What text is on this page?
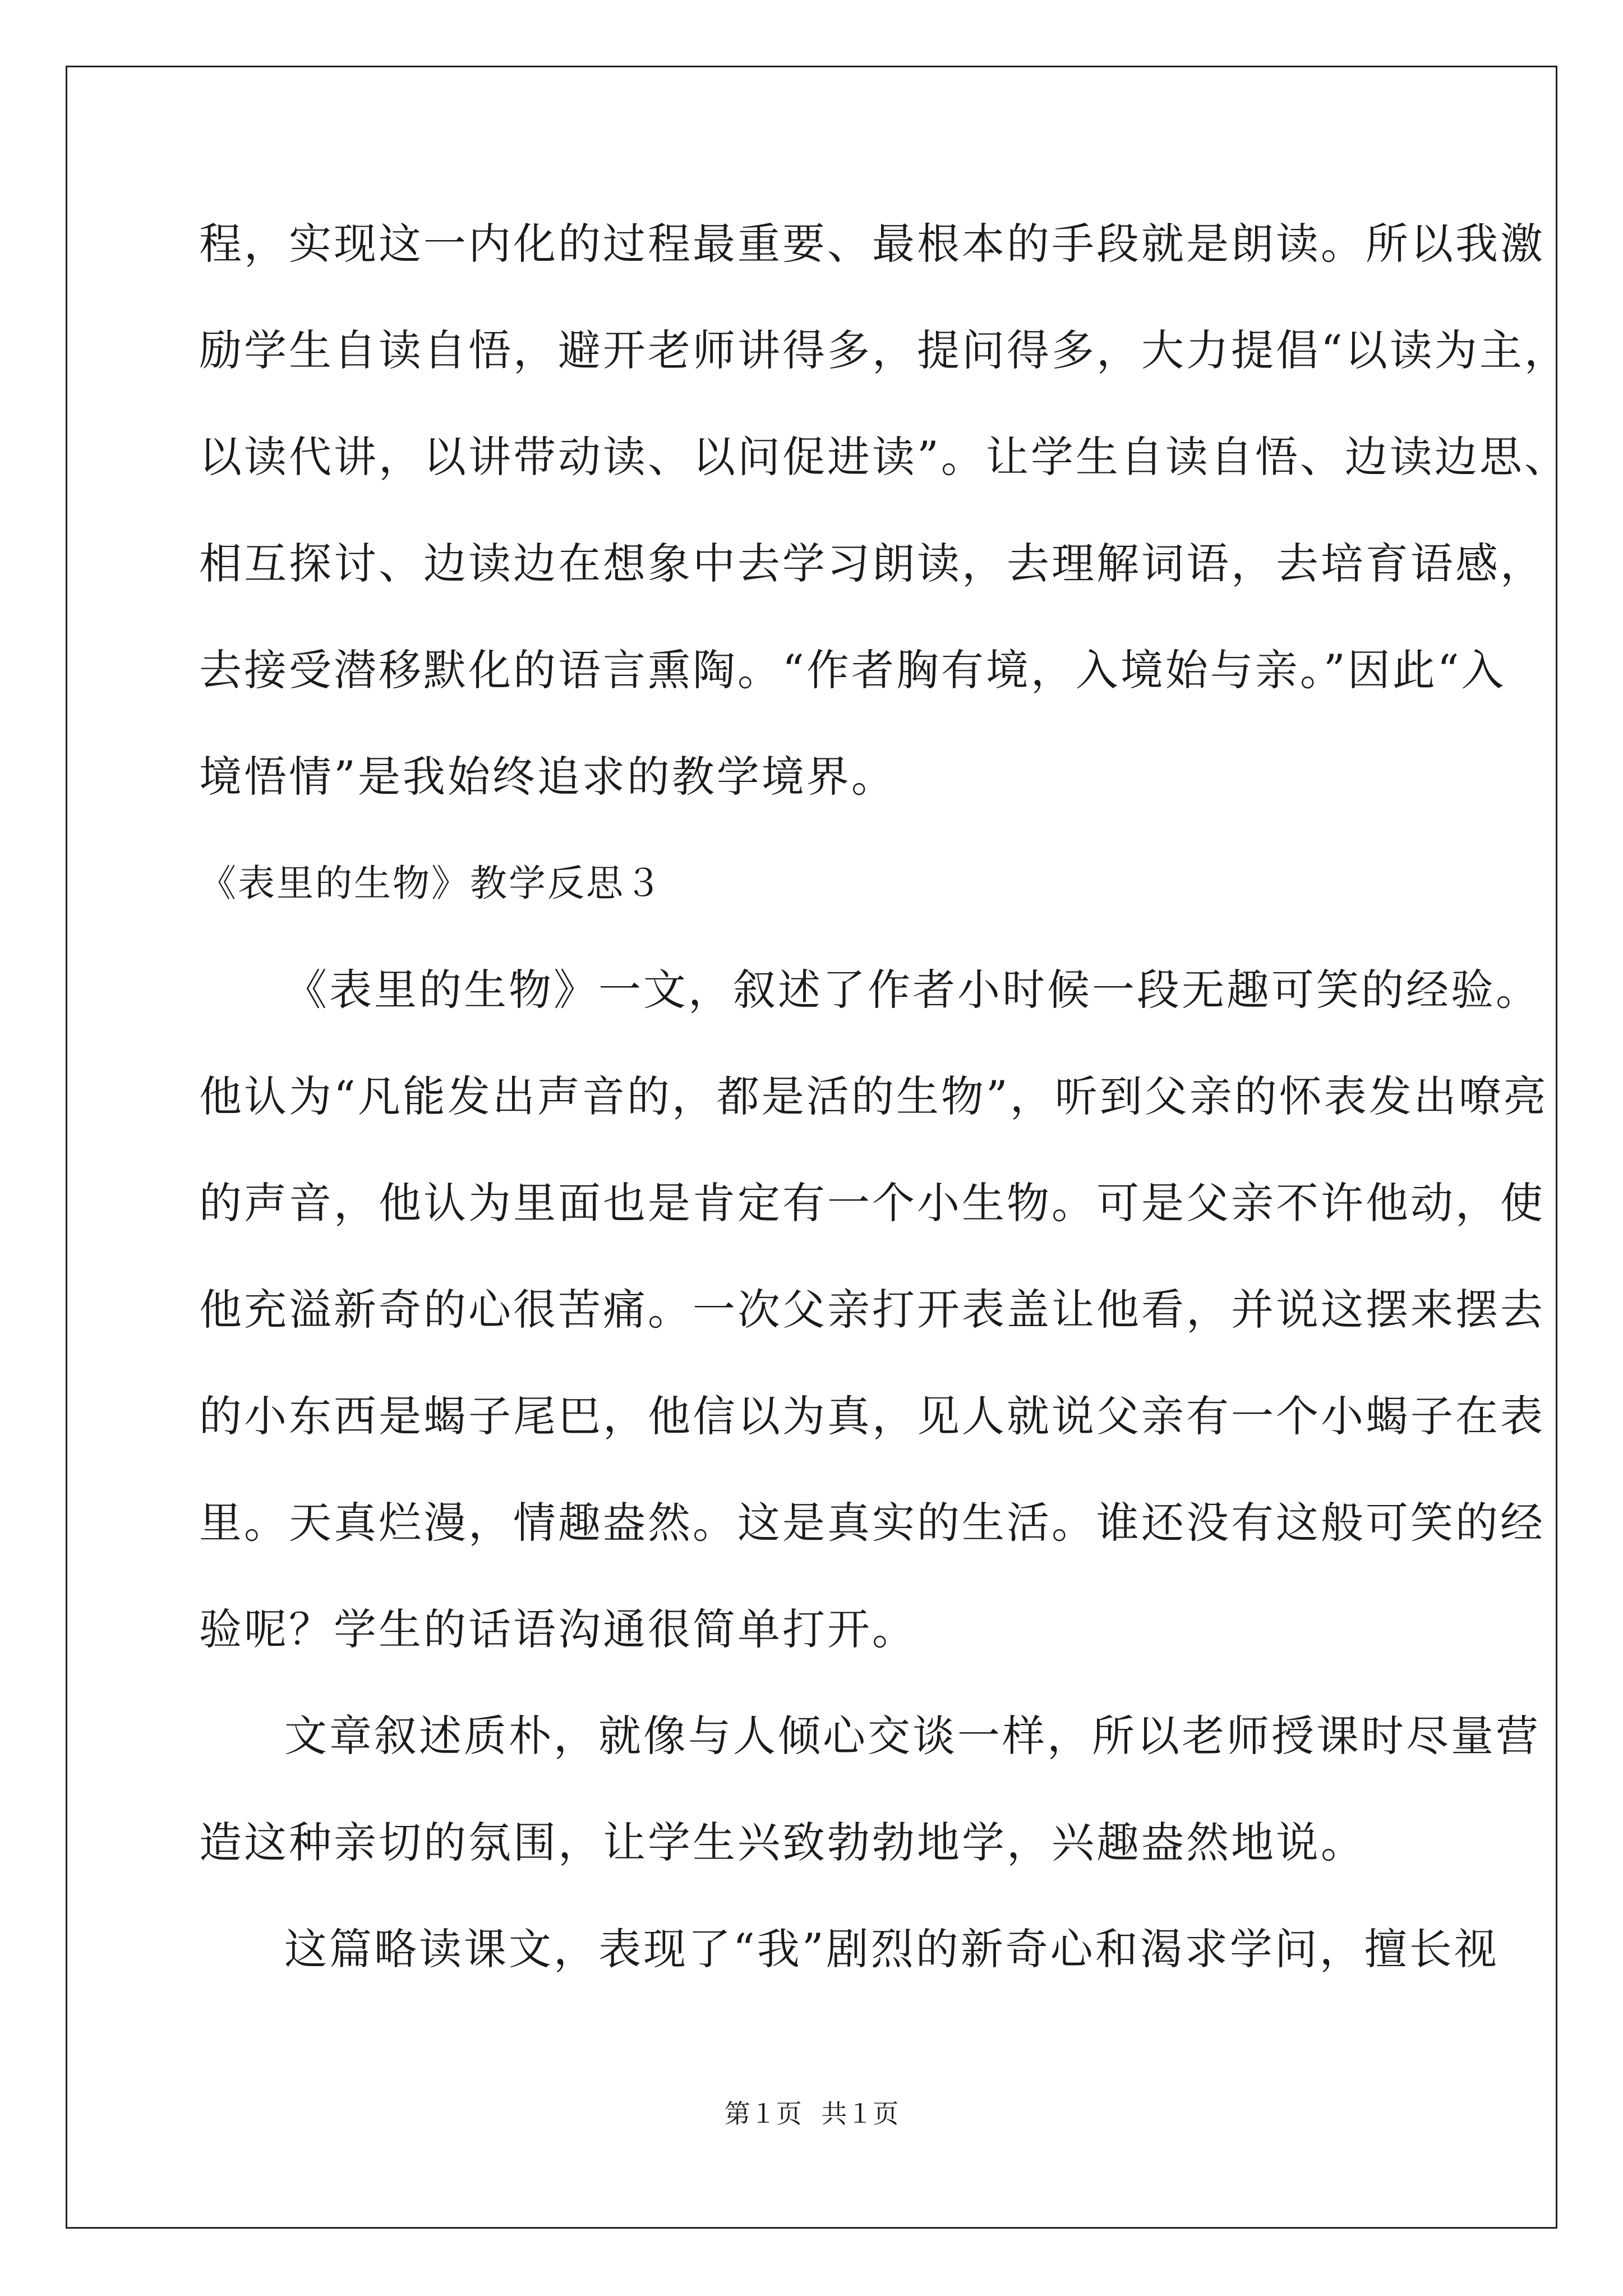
程，实现这一内化的过程最重要、最根本的手段就是朗读。所以我激
励学生自读自悟，避开老师讲得多，提问得多，大力提倡“以读为主，
以读代讲，以讲带动读、以问促进读”。让学生自读自悟、边读边思、
相互探讨、边读边在想象中去学习朗读，去理解词语，去培育语感，
去接受潜移默化的语言熏陶。“作者胸有境，入境始与亲。”因此“入
境悟情”是我始终追求的教学境界。
《表里的生物》教学反思３
《表里的生物》一文，叙述了作者小时候一段无趣可笑的经验。
他认为“凡能发出声音的，都是活的生物”，听到父亲的怀表发出嘹亮
的声音，他认为里面也是肯定有一个小生物。可是父亲不许他动，使
他充溢新奇的心很苦痛。一次父亲打开表盖让他看，并说这摆来摆去
的小东西是蝎子尾巴，他信以为真，见人就说父亲有一个小蝎子在表
里。天真烂漫，情趣盎然。这是真实的生活。谁还没有这般可笑的经
验呢？学生的话语沟通很简单打开。
文章叙述质朴，就像与人倾心交谈一样，所以老师授课时尽量营
造这种亲切的氛围，让学生兴致勃勃地学，兴趣盎然地说。
这篇略读课文，表现了“我”剧烈的新奇心和渴求学问，擅长视
第１页 共１页
